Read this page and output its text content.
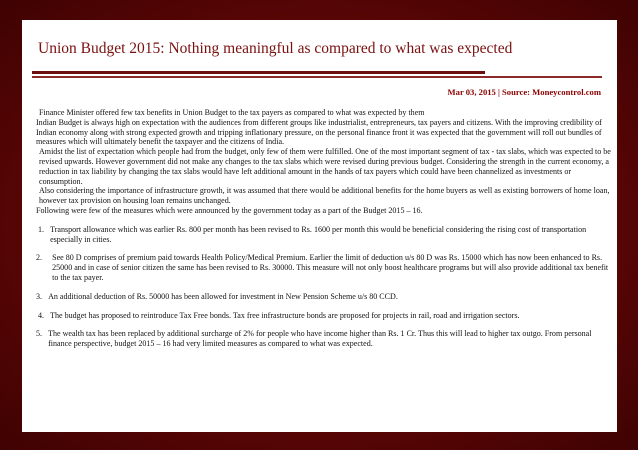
Union Budget 2015: Nothing meaningful as compared to what was expected
Mar 03, 2015 | Source: Moneycontrol.com

Finance Minister offered few tax benefits in Union Budget to the tax payers as compared to what was expected by them

Indian Budget is always high on expectation with the audiences from different groups like industrialist, entrepreneurs, tax payers and citizens. With the improving credibility of Indian economy along with strong expected growth and tripping inflationary pressure, on the personal finance front it was expected that the government will roll out bundles of measures which will ultimately benefit the taxpayer and the citizens of India.

Amidst the list of expectation which people had from the budget, only few of them were fulfilled. One of the most important segment of tax - tax slabs, which was expected to be revised upwards. However government did not make any changes to the tax slabs which were revised during previous budget. Considering the strength in the current economy, a reduction in tax liability by changing the tax slabs would have left additional amount in the hands of tax payers which could have been channelized as investments or consumption.

Also considering the importance of infrastructure growth, it was assumed that there would be additional benefits for the home buyers as well as existing borrowers of home loan, however tax provision on housing loan remains unchanged.

Following were few of the measures which were announced by the government today as a part of the Budget 2015 – 16.

1. Transport allowance which was earlier Rs. 800 per month has been revised to Rs. 1600 per month this would be beneficial considering the rising cost of transportation especially in cities.
2. See 80 D comprises of premium paid towards Health Policy/Medical Premium. Earlier the limit of deduction u/s 80 D was Rs. 15000 which has now been enhanced to Rs. 25000 and in case of senior citizen the same has been revised to Rs. 30000. This measure will not only boost healthcare programs but will also provide additional tax benefit to the tax payer.
3. An additional deduction of Rs. 50000 has been allowed for investment in New Pension Scheme u/s 80 CCD.
4. The budget has proposed to reintroduce Tax Free bonds. Tax free infrastructure bonds are proposed for projects in rail, road and irrigation sectors.
5. The wealth tax has been replaced by additional surcharge of 2% for people who have income higher than Rs. 1 Cr. Thus this will lead to higher tax outgo. From personal finance perspective, budget 2015 – 16 had very limited measures as compared to what was expected.
